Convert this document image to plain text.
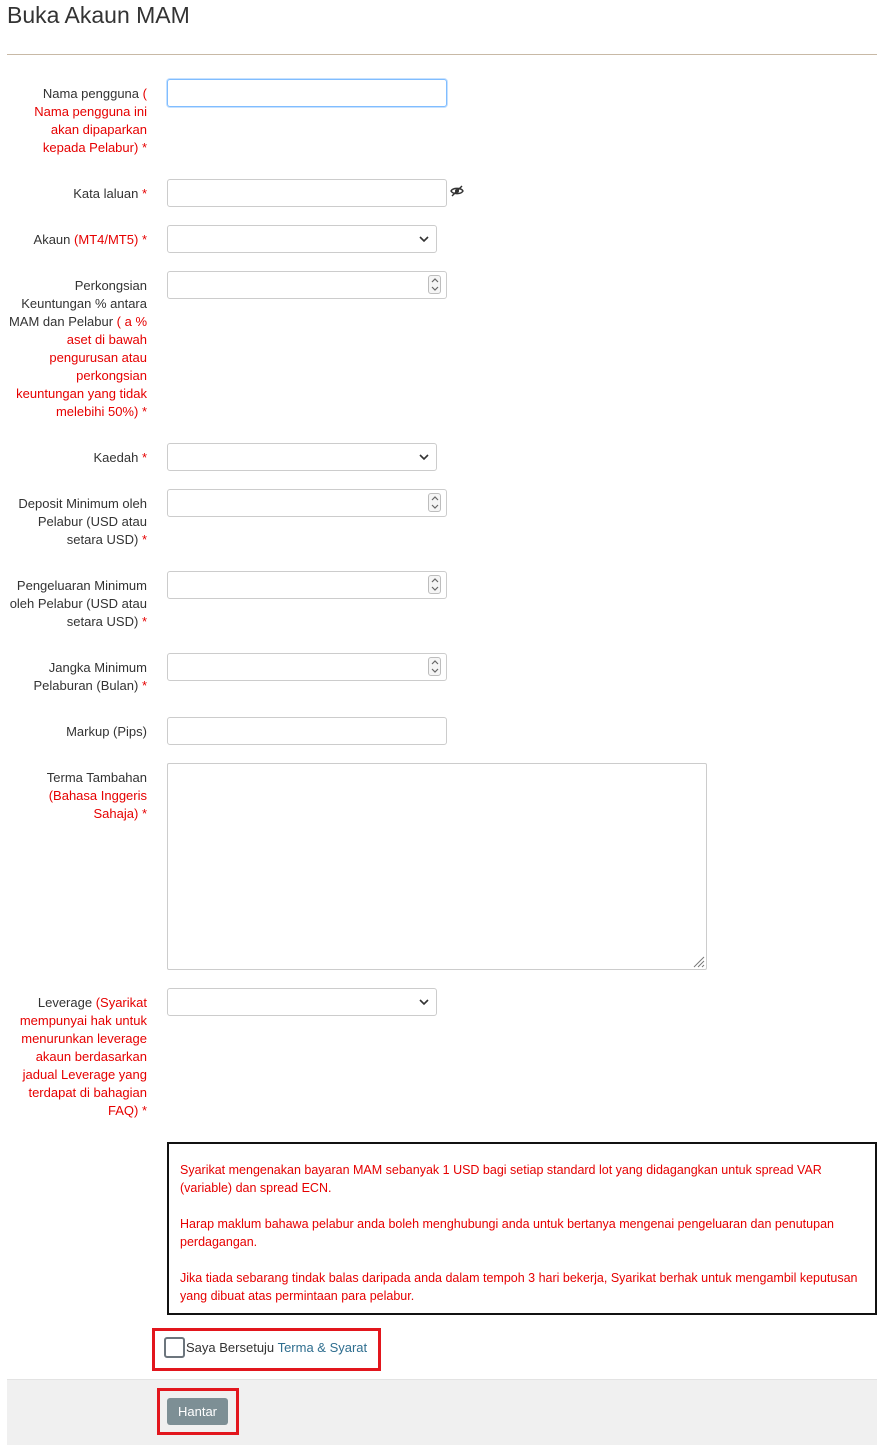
Buka Akaun MAM
Nama pengguna ( Nama pengguna ini akan dipaparkan kepada Pelabur) *
Kata laluan *
Akaun (MT4/MT5) *
Perkongsian Keuntungan % antara MAM dan Pelabur ( a % aset di bawah pengurusan atau perkongsian keuntungan yang tidak melebihi 50%) *
Kaedah *
Deposit Minimum oleh Pelabur (USD atau setara USD) *
Pengeluaran Minimum oleh Pelabur (USD atau setara USD) *
Jangka Minimum Pelaburan (Bulan) *
Markup (Pips)
Terma Tambahan (Bahasa Inggeris Sahaja) *
Leverage (Syarikat mempunyai hak untuk menurunkan leverage akaun berdasarkan jadual Leverage yang terdapat di bahagian FAQ) *

Syarikat mengenakan bayaran MAM sebanyak 1 USD bagi setiap standard lot yang didagangkan untuk spread VAR (variable) dan spread ECN.

Harap maklum bahawa pelabur anda boleh menghubungi anda untuk bertanya mengenai pengeluaran dan penutupan perdagangan.

Jika tiada sebarang tindak balas daripada anda dalam tempoh 3 hari bekerja, Syarikat berhak untuk mengambil keputusan yang dibuat atas permintaan para pelabur.

Saya Bersetuju Terma & Syarat
Hantar
